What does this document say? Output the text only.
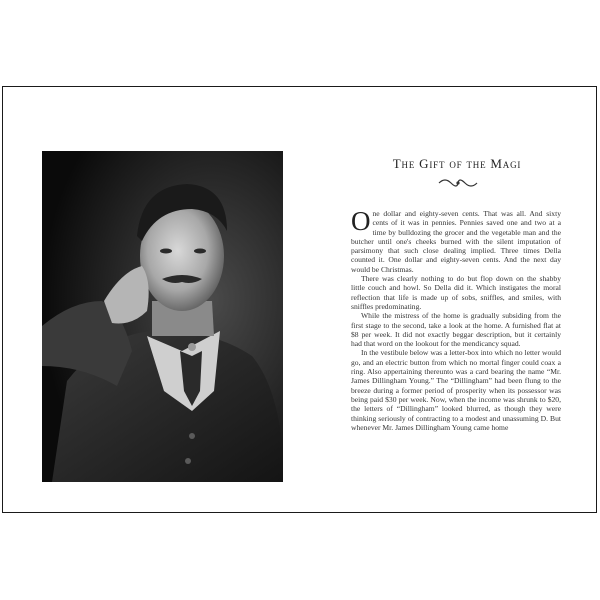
The Gift of the Magi

One dollar and eighty-seven cents. That was all. And sixty cents of it was in pennies. Pennies saved one and two at a time by bulldozing the grocer and the vegetable man and the butcher until one's cheeks burned with the silent imputation of parsimony that such close dealing implied. Three times Della counted it. One dollar and eighty-seven cents. And the next day would be Christmas.

There was clearly nothing to do but flop down on the shabby little couch and howl. So Della did it. Which instigates the moral reflection that life is made up of sobs, sniffles, and smiles, with sniffles predominating.

While the mistress of the home is gradually subsiding from the first stage to the second, take a look at the home. A furnished flat at $8 per week. It did not exactly beggar description, but it certainly had that word on the lookout for the mendicancy squad.

In the vestibule below was a letter-box into which no letter would go, and an electric button from which no mortal finger could coax a ring. Also appertaining thereunto was a card bearing the name “Mr. James Dillingham Young.” The “Dillingham” had been flung to the breeze during a former period of prosperity when its possessor was being paid $30 per week. Now, when the income was shrunk to $20, the letters of “Dillingham” looked blurred, as though they were thinking seriously of contracting to a modest and unassuming D. But whenever Mr. James Dillingham Young came home
